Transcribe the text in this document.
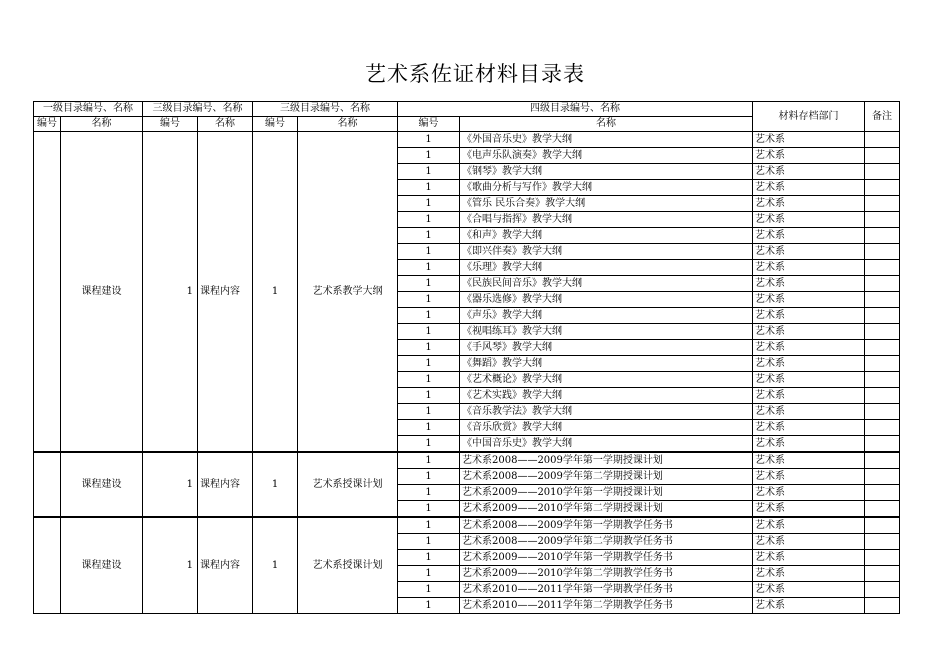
艺术系佐证材料目录表
一级目录编号、名称		三级目录编号、名称		三级目录编号、名称		四级目录编号、名称		材料存档部门	备注
编号	名称	编号	名称	编号	名称	编号	名称		
	课程建设	1	课程内容	1	艺术系教学大纲	1	《外国音乐史》教学大纲	艺术系	
						1	《电声乐队演奏》教学大纲	艺术系	
						1	《钢琴》教学大纲	艺术系	
						1	《歌曲分析与写作》教学大纲	艺术系	
						1	《管乐 民乐合奏》教学大纲	艺术系	
						1	《合唱与指挥》教学大纲	艺术系	
						1	《和声》教学大纲	艺术系	
						1	《即兴伴奏》教学大纲	艺术系	
						1	《乐理》教学大纲	艺术系	
						1	《民族民间音乐》教学大纲	艺术系	
						1	《器乐选修》教学大纲	艺术系	
						1	《声乐》教学大纲	艺术系	
						1	《视唱练耳》教学大纲	艺术系	
						1	《手风琴》教学大纲	艺术系	
						1	《舞蹈》教学大纲	艺术系	
						1	《艺术概论》教学大纲	艺术系	
						1	《艺术实践》教学大纲	艺术系	
						1	《音乐教学法》教学大纲	艺术系	
						1	《音乐欣赏》教学大纲	艺术系	
						1	《中国音乐史》教学大纲	艺术系	
	课程建设	1	课程内容	1	艺术系授课计划	1	艺术系2008——2009学年第一学期授课计划	艺术系	
						1	艺术系2008——2009学年第二学期授课计划	艺术系	
						1	艺术系2009——2010学年第一学期授课计划	艺术系	
						1	艺术系2009——2010学年第二学期授课计划	艺术系	
	课程建设	1	课程内容	1	艺术系授课计划	1	艺术系2008——2009学年第一学期教学任务书	艺术系	
						1	艺术系2008——2009学年第二学期教学任务书	艺术系	
						1	艺术系2009——2010学年第一学期教学任务书	艺术系	
						1	艺术系2009——2010学年第二学期教学任务书	艺术系	
						1	艺术系2010——2011学年第一学期教学任务书	艺术系	
						1	艺术系2010——2011学年第二学期教学任务书	艺术系	
